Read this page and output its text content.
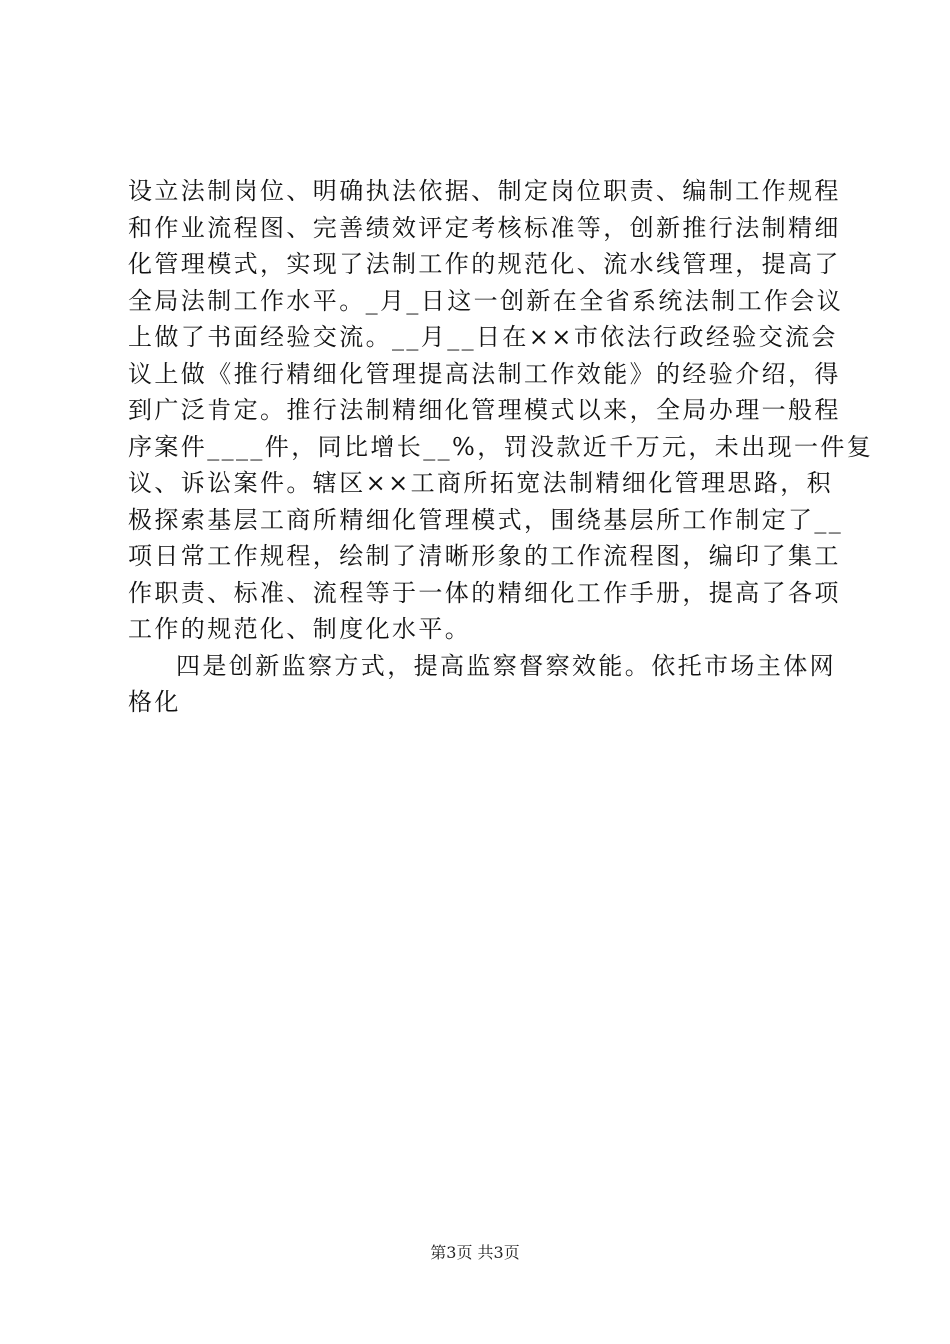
设立法制岗位、明确执法依据、制定岗位职责、编制工作规程
和作业流程图、完善绩效评定考核标准等，创新推行法制精细
化管理模式，实现了法制工作的规范化、流水线管理，提高了
全局法制工作水平。_月_日这一创新在全省系统法制工作会议
上做了书面经验交流。__月__日在××市依法行政经验交流会
议上做《推行精细化管理提高法制工作效能》的经验介绍，得
到广泛肯定。推行法制精细化管理模式以来，全局办理一般程
序案件____件，同比增长__%，罚没款近千万元，未出现一件复
议、诉讼案件。辖区××工商所拓宽法制精细化管理思路，积
极探索基层工商所精细化管理模式，围绕基层所工作制定了__
项日常工作规程，绘制了清晰形象的工作流程图，编印了集工
作职责、标准、流程等于一体的精细化工作手册，提高了各项
工作的规范化、制度化水平。
四是创新监察方式，提高监察督察效能。依托市场主体网
格化
第3页 共3页
